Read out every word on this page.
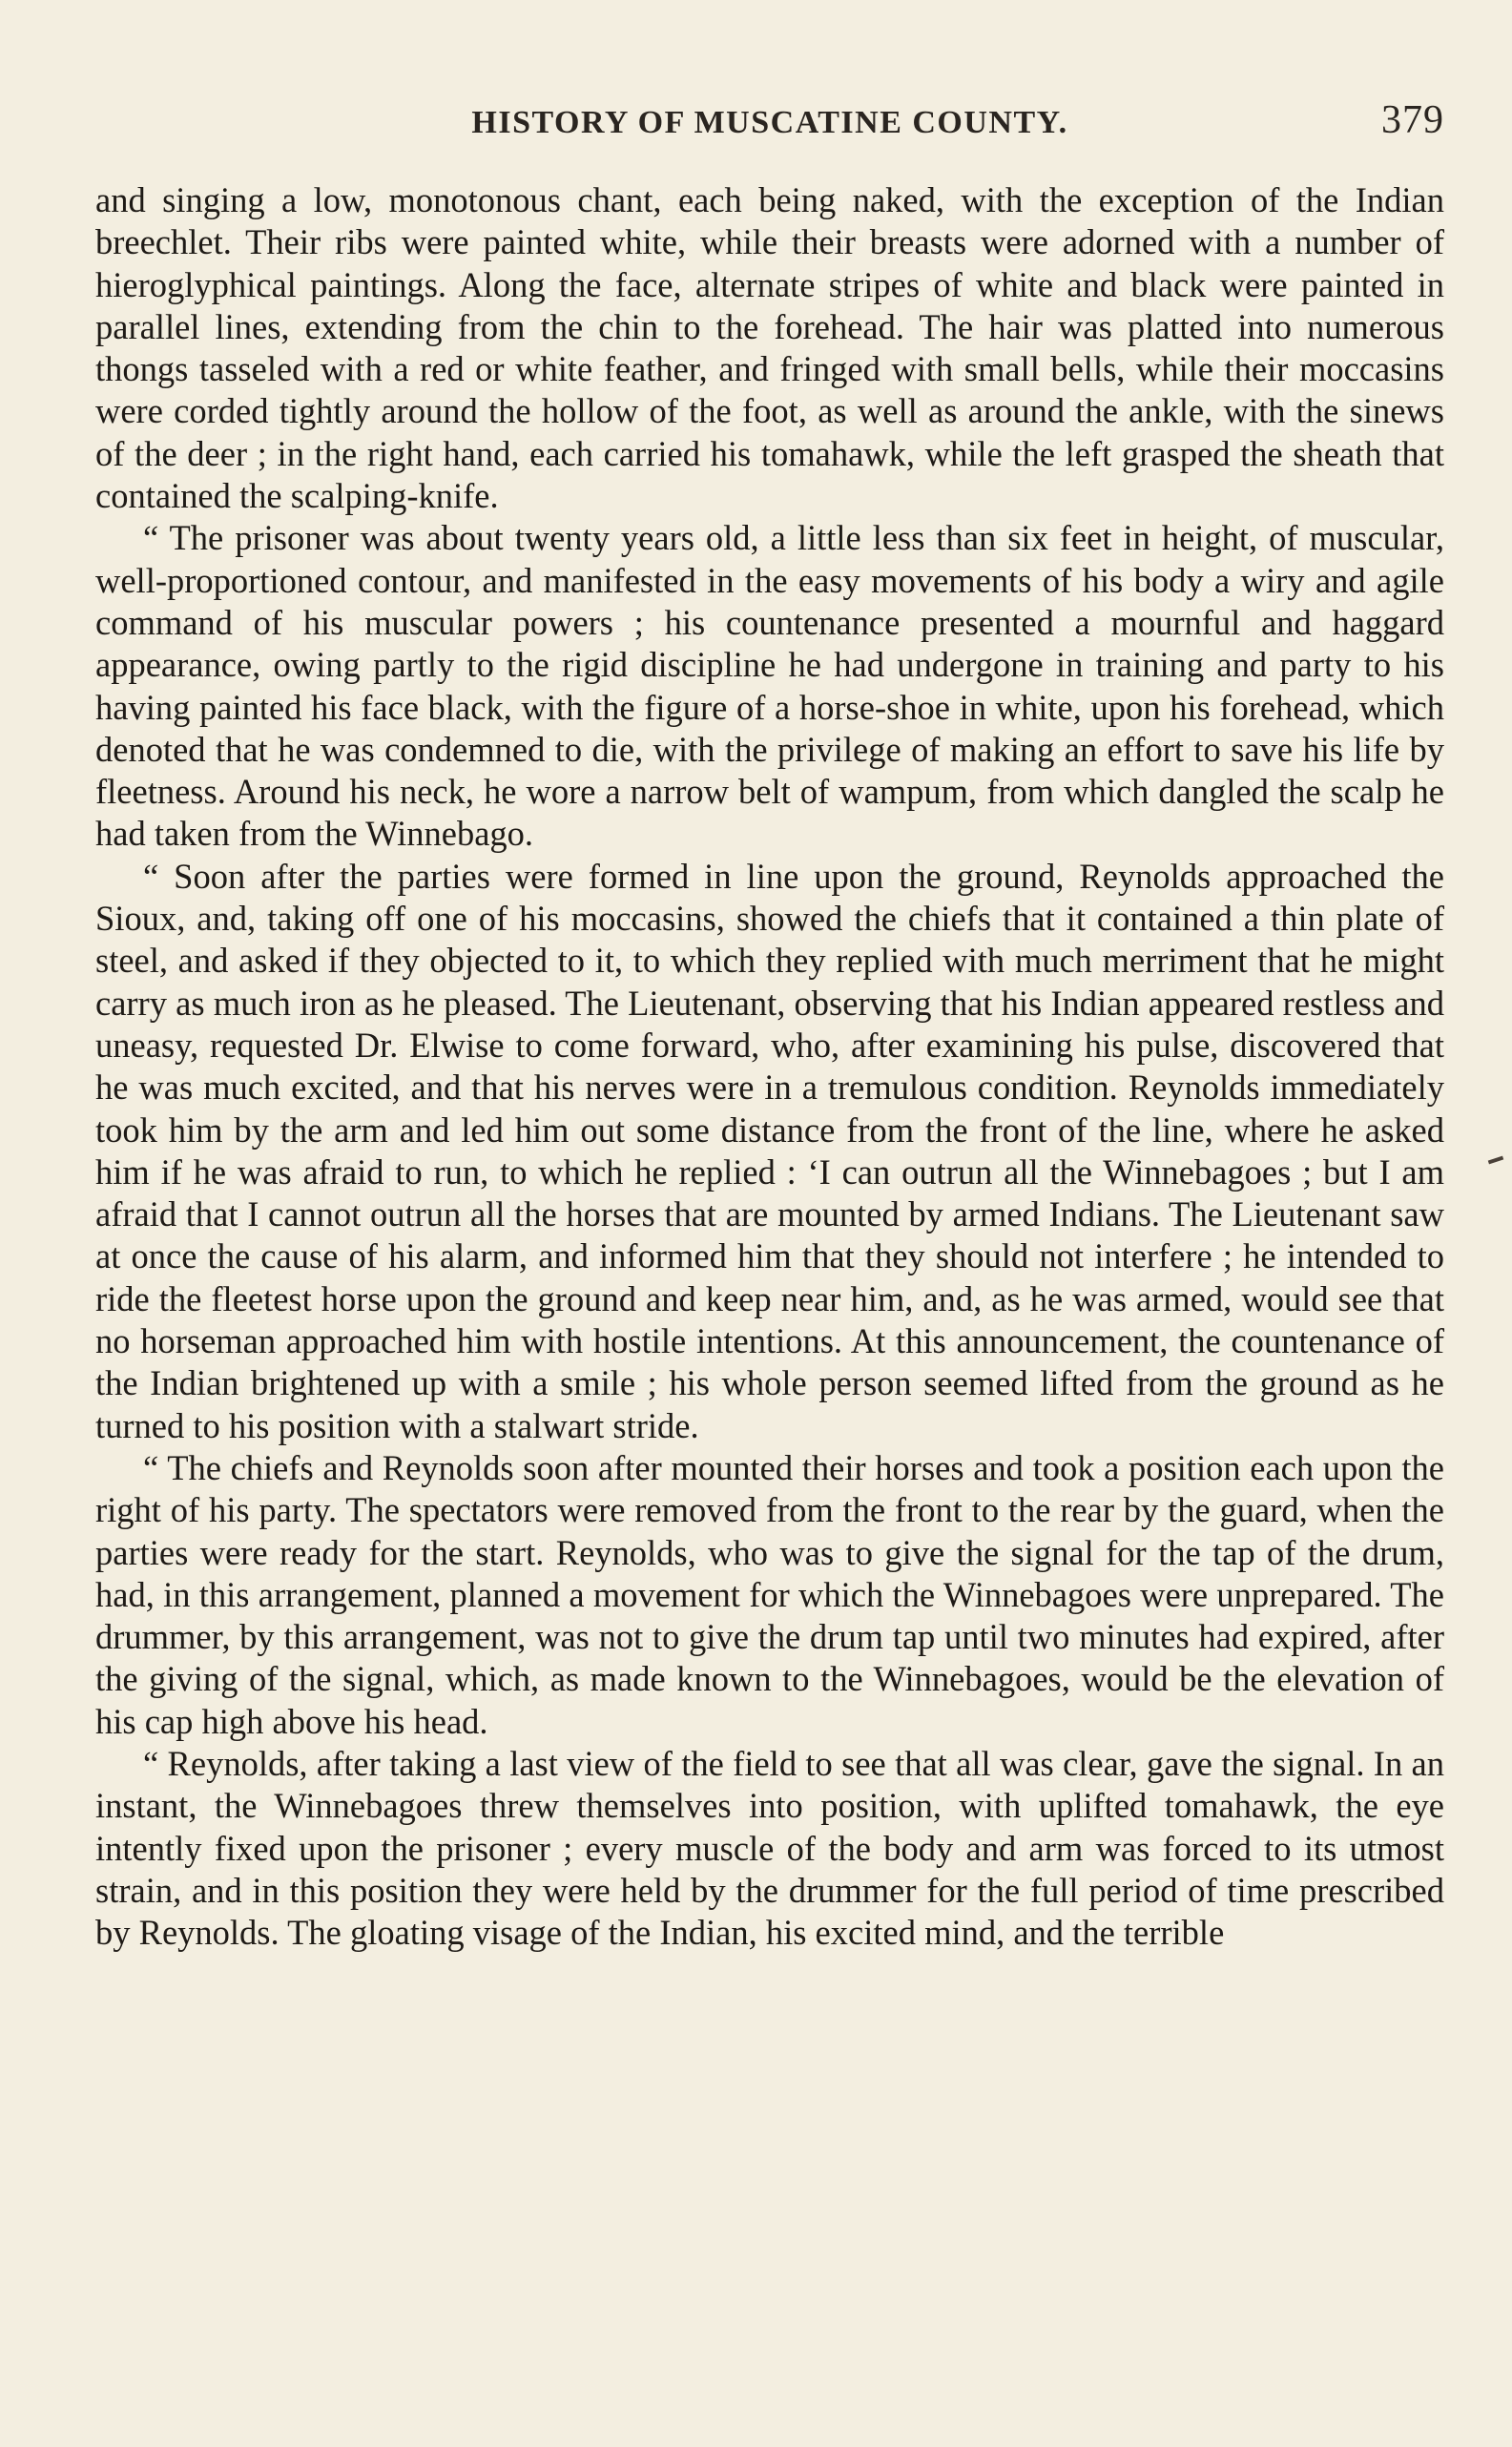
HISTORY OF MUSCATINE COUNTY.	379

and singing a low, monotonous chant, each being naked, with the exception of the Indian breechlet. Their ribs were painted white, while their breasts were adorned with a number of hieroglyphical paintings. Along the face, alternate stripes of white and black were painted in parallel lines, extending from the chin to the forehead. The hair was platted into numerous thongs tasseled with a red or white feather, and fringed with small bells, while their moccasins were corded tightly around the hollow of the foot, as well as around the ankle, with the sinews of the deer ; in the right hand, each carried his tomahawk, while the left grasped the sheath that contained the scalping-knife.

“ The prisoner was about twenty years old, a little less than six feet in height, of muscular, well-proportioned contour, and manifested in the easy movements of his body a wiry and agile command of his muscular powers ; his countenance presented a mournful and haggard appearance, owing partly to the rigid discipline he had undergone in training and party to his having painted his face black, with the figure of a horse-shoe in white, upon his forehead, which denoted that he was condemned to die, with the privilege of making an effort to save his life by fleetness. Around his neck, he wore a narrow belt of wampum, from which dangled the scalp he had taken from the Winnebago.

“ Soon after the parties were formed in line upon the ground, Reynolds approached the Sioux, and, taking off one of his moccasins, showed the chiefs that it contained a thin plate of steel, and asked if they objected to it, to which they replied with much merriment that he might carry as much iron as he pleased. The Lieutenant, observing that his Indian appeared restless and uneasy, requested Dr. Elwise to come forward, who, after examining his pulse, discovered that he was much excited, and that his nerves were in a tremulous condition. Reynolds immediately took him by the arm and led him out some distance from the front of the line, where he asked him if he was afraid to run, to which he replied : ‘I can outrun all the Winnebagoes ; but I am afraid that I cannot outrun all the horses that are mounted by armed Indians. The Lieutenant saw at once the cause of his alarm, and informed him that they should not interfere ; he intended to ride the fleetest horse upon the ground and keep near him, and, as he was armed, would see that no horseman approached him with hostile intentions. At this announcement, the countenance of the Indian brightened up with a smile ; his whole person seemed lifted from the ground as he turned to his position with a stalwart stride.

“ The chiefs and Reynolds soon after mounted their horses and took a position each upon the right of his party. The spectators were removed from the front to the rear by the guard, when the parties were ready for the start. Reynolds, who was to give the signal for the tap of the drum, had, in this arrangement, planned a movement for which the Winnebagoes were unprepared. The drummer, by this arrangement, was not to give the drum tap until two minutes had expired, after the giving of the signal, which, as made known to the Winnebagoes, would be the elevation of his cap high above his head.

“ Reynolds, after taking a last view of the field to see that all was clear, gave the signal. In an instant, the Winnebagoes threw themselves into position, with uplifted tomahawk, the eye intently fixed upon the prisoner ; every muscle of the body and arm was forced to its utmost strain, and in this position they were held by the drummer for the full period of time prescribed by Reynolds. The gloating visage of the Indian, his excited mind, and the terrible
